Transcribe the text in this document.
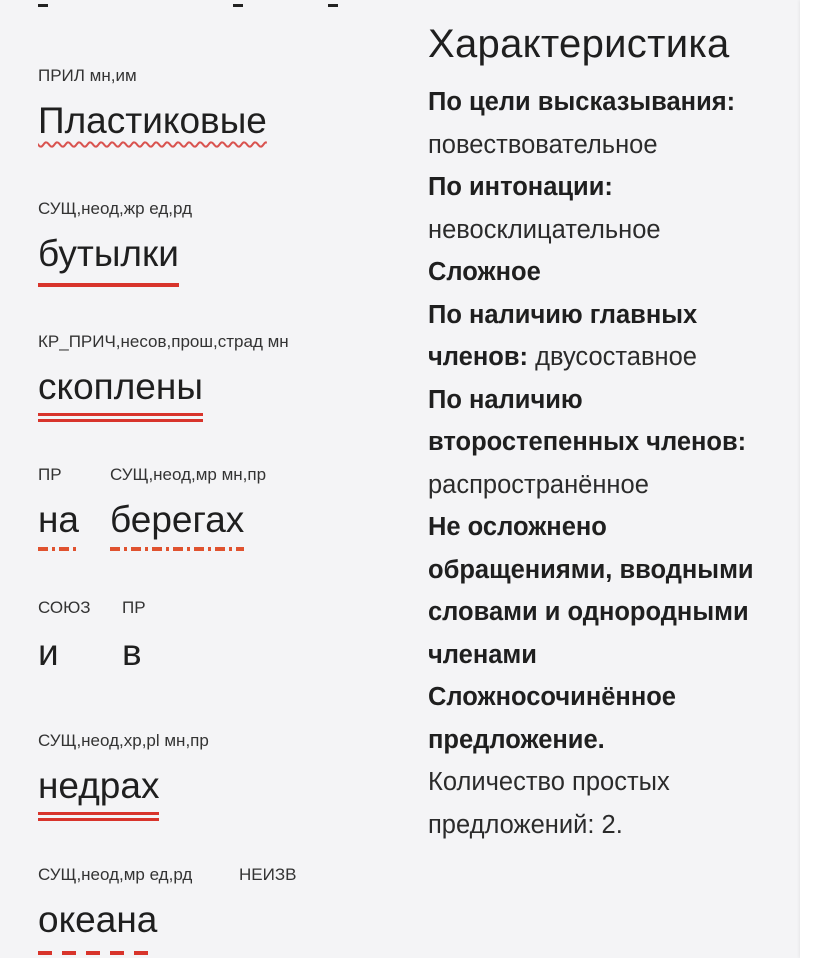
ПРИЛ мн,им
Пластиковые
СУЩ,неод,жр ед,рд
бутылки
КР_ПРИЧ,несов,прош,страд мн
скоплены
ПР
на
СУЩ,неод,мр мн,пр
берегах
СОЮЗ
и
ПР
в
СУЩ,неод,хр,pl мн,пр
недрах
СУЩ,неод,мр ед,рд
океана
НЕИЗВ
Характеристика
По цели высказывания:
повествовательное
По интонации:
невосклицательное
Сложное
По наличию главных членов: двусоставное
По наличию второстепенных членов:
распространённое
Не осложнено обращениями, вводными словами и однородными членами
Сложносочинённое предложение.
Количество простых предложений: 2.
